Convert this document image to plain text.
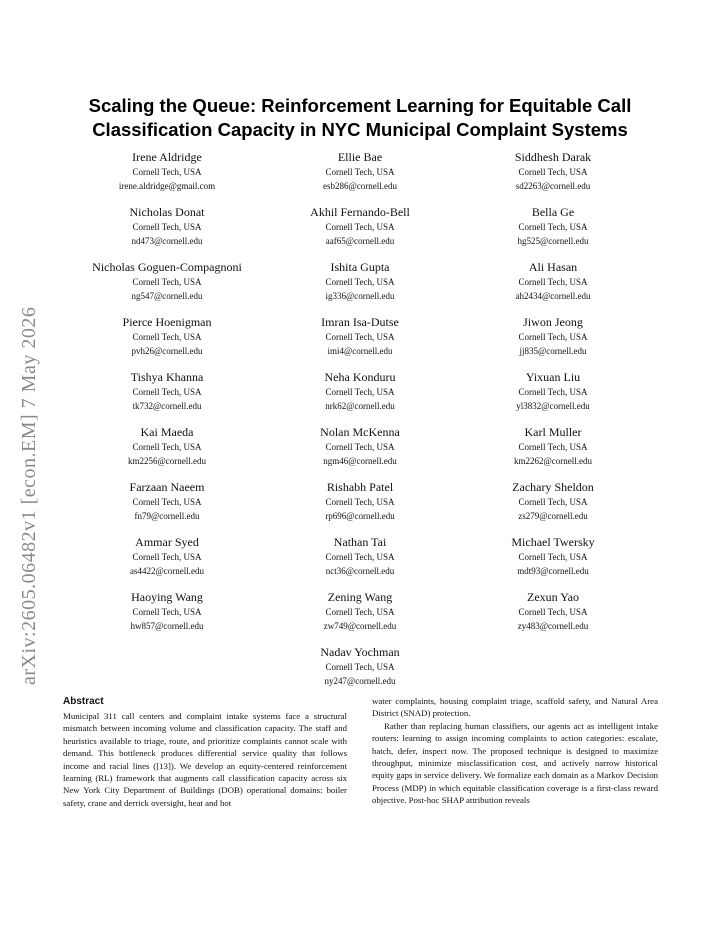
arXiv:2605.06482v1 [econ.EM] 7 May 2026
Scaling the Queue: Reinforcement Learning for Equitable Call
Classification Capacity in NYC Municipal Complaint Systems
Irene Aldridge
Cornell Tech, USA
irene.aldridge@gmail.com
Ellie Bae
Cornell Tech, USA
esb286@cornell.edu
Siddhesh Darak
Cornell Tech, USA
sd2263@cornell.edu
Nicholas Donat
Cornell Tech, USA
nd473@cornell.edu
Akhil Fernando-Bell
Cornell Tech, USA
aaf65@cornell.edu
Bella Ge
Cornell Tech, USA
hg525@cornell.edu
Nicholas Goguen-Compagnoni
Cornell Tech, USA
ng547@cornell.edu
Ishita Gupta
Cornell Tech, USA
ig336@cornell.edu
Ali Hasan
Cornell Tech, USA
ah2434@cornell.edu
Pierce Hoenigman
Cornell Tech, USA
pvh26@cornell.edu
Imran Isa-Dutse
Cornell Tech, USA
imi4@cornell.edu
Jiwon Jeong
Cornell Tech, USA
jj835@cornell.edu
Tishya Khanna
Cornell Tech, USA
tk732@cornell.edu
Neha Konduru
Cornell Tech, USA
nrk62@cornell.edu
Yixuan Liu
Cornell Tech, USA
yl3832@cornell.edu
Kai Maeda
Cornell Tech, USA
km2256@cornell.edu
Nolan McKenna
Cornell Tech, USA
ngm46@cornell.edu
Karl Muller
Cornell Tech, USA
km2262@cornell.edu
Farzaan Naeem
Cornell Tech, USA
fn79@cornell.edu
Rishabh Patel
Cornell Tech, USA
rp696@cornell.edu
Zachary Sheldon
Cornell Tech, USA
zs279@cornell.edu
Ammar Syed
Cornell Tech, USA
as4422@cornell.edu
Nathan Tai
Cornell Tech, USA
nct36@cornell.edu
Michael Twersky
Cornell Tech, USA
mdt93@cornell.edu
Haoying Wang
Cornell Tech, USA
hw857@cornell.edu
Zening Wang
Cornell Tech, USA
zw749@cornell.edu
Zexun Yao
Cornell Tech, USA
zy483@cornell.edu
Nadav Yochman
Cornell Tech, USA
ny247@cornell.edu
Abstract

Municipal 311 call centers and complaint intake systems face a structural mismatch between incoming volume and classification capacity. The staff and heuristics available to triage, route, and prioritize complaints cannot scale with demand. This bottleneck produces differential service quality that follows income and racial lines ([13]). We develop an equity-centered reinforcement learning (RL) framework that augments call classification capacity across six New York City Department of Buildings (DOB) operational domains: boiler safety, crane and derrick oversight, heat and hot

water complaints, housing complaint triage, scaffold safety, and Natural Area District (SNAD) protection.

Rather than replacing human classifiers, our agents act as intelligent intake routers: learning to assign incoming complaints to action categories: escalate, batch, defer, inspect now. The proposed technique is designed to maximize throughput, minimize misclassification cost, and actively narrow historical equity gaps in service delivery. We formalize each domain as a Markov Decision Process (MDP) in which equitable classification coverage is a first-class reward objective. Post-hoc SHAP attribution reveals
